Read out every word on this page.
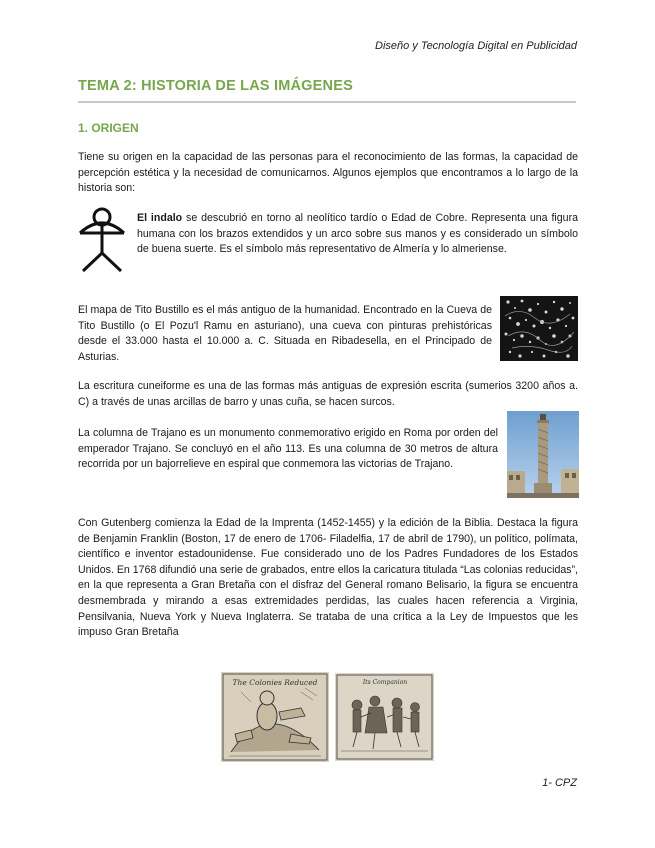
Diseño y Tecnología Digital en Publicidad
TEMA 2: HISTORIA DE LAS IMÁGENES
1. ORIGEN

Tiene su origen en la capacidad de las personas para el reconocimiento de las formas, la capacidad de percepción estética y la necesidad de comunicarnos. Algunos ejemplos que encontramos a lo largo de la historia son:

El indalo se descubrió en torno al neolítico tardío o Edad de Cobre. Representa una figura humana con los brazos extendidos y un arco sobre sus manos y es considerado un símbolo de buena suerte. Es el símbolo más representativo de Almería y lo almeriense.

El mapa de Tito Bustillo es el más antiguo de la humanidad. Encontrado en la Cueva de Tito Bustillo (o El Pozu'l Ramu en asturiano), una cueva con pinturas prehistóricas desde el 33.000 hasta el 10.000 a. C. Situada en Ribadesella, en el Principado de Asturias.

La escritura cuneiforme es una de las formas más antiguas de expresión escrita (sumerios 3200 años a. C) a través de unas arcillas de barro y unas cuña, se hacen surcos.

La columna de Trajano es un monumento conmemorativo erigido en Roma por orden del emperador Trajano. Se concluyó en el año 113. Es una columna de 30 metros de altura recorrida por un bajorrelieve en espiral que conmemora las victorias de Trajano.

Con Gutenberg comienza la Edad de la Imprenta (1452-1455) y la edición de la Biblia. Destaca la figura de Benjamin Franklin (Boston, 17 de enero de 1706- Filadelfia, 17 de abril de 1790), un político, polímata, científico e inventor estadounidense. Fue considerado uno de los Padres Fundadores de los Estados Unidos. En 1768 difundió una serie de grabados, entre ellos la caricatura titulada “Las colonias reducidas”, en la que representa a Gran Bretaña con el disfraz del General romano Belisario, la figura se encuentra desmembrada y mirando a esas extremidades perdidas, las cuales hacen referencia a Virginia, Pensilvania, Nueva York y Nueva Inglaterra. Se trataba de una crítica a la Ley de Impuestos que les impuso Gran Bretaña

The Colonies Reduced	Its Companion
1- CPZ
